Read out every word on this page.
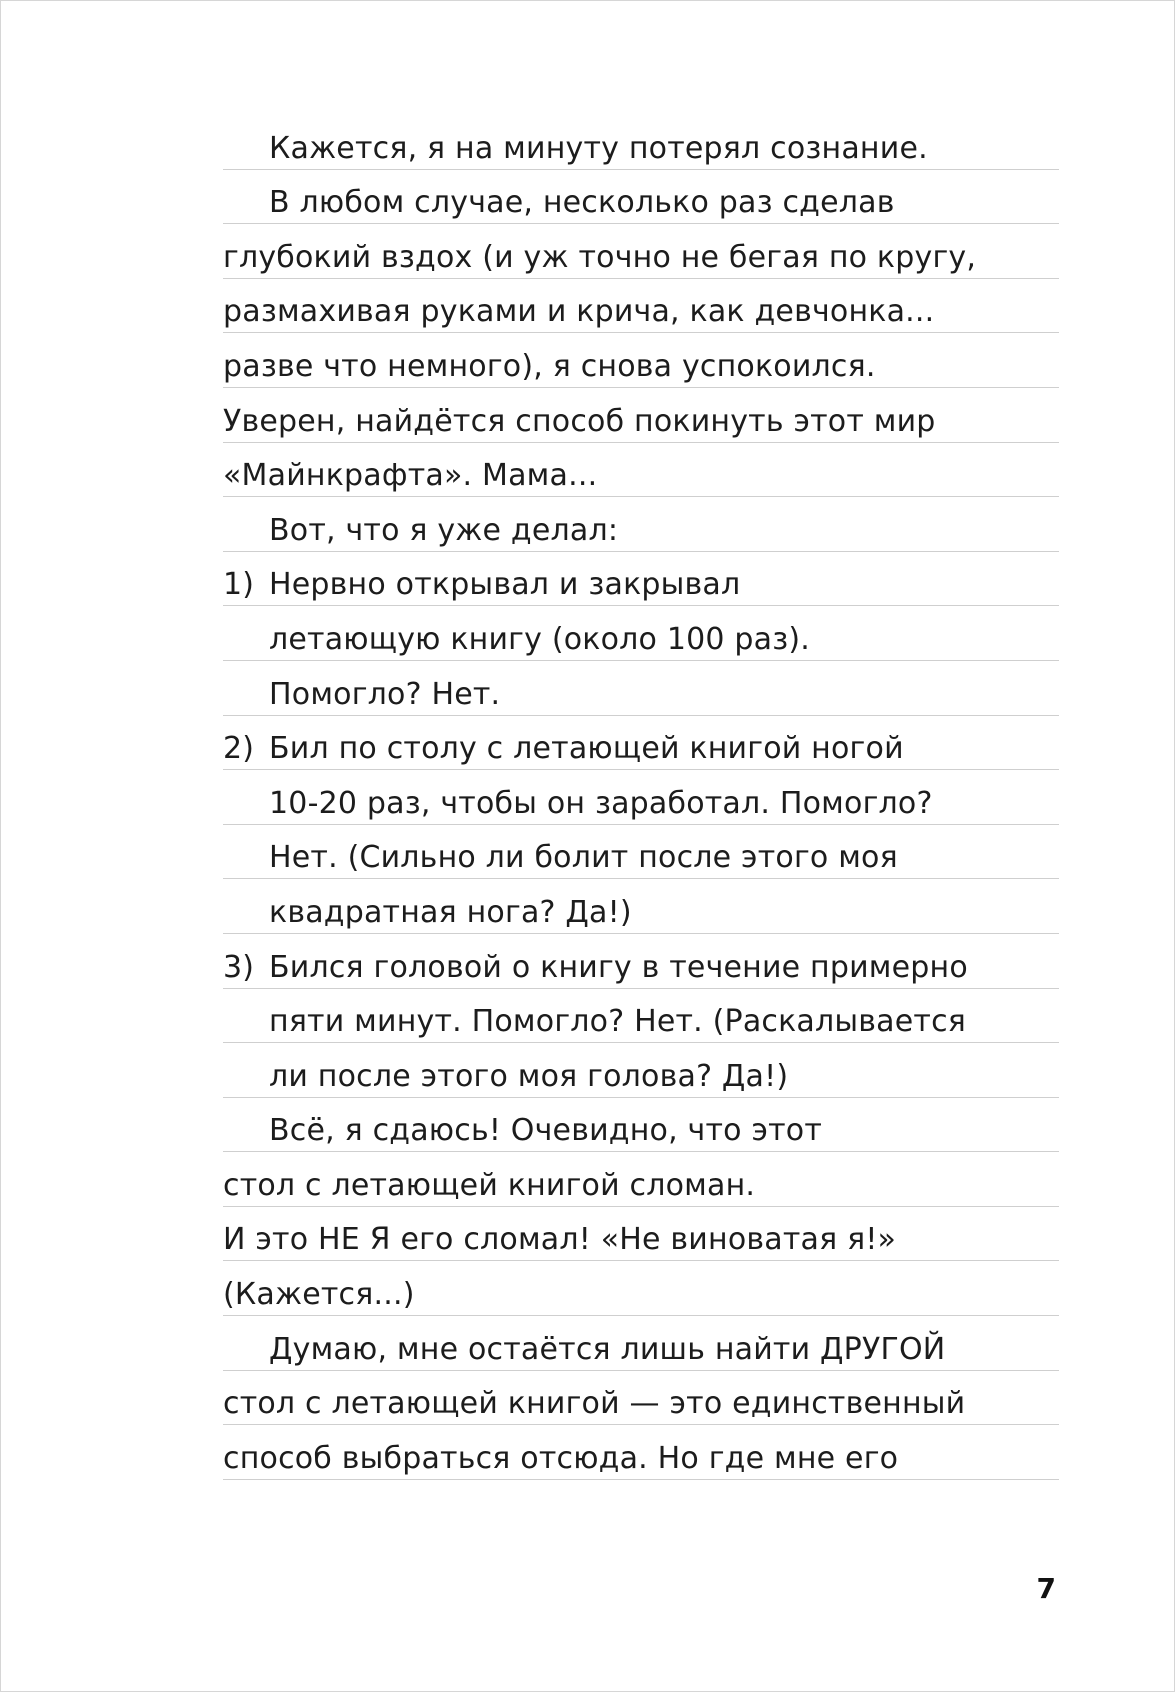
Кажется, я на минуту потерял сознание.
В любом случае, несколько раз сделав
глубокий вздох (и уж точно не бегая по кругу,
размахивая руками и крича, как девчонка...
разве что немного), я снова успокоился.
Уверен, найдётся способ покинуть этот мир
«Майнкрафта». Мама...
Вот, что я уже делал:
1) Нервно открывал и закрывал
летающую книгу (около 100 раз).
Помогло? Нет.
2) Бил по столу с летающей книгой ногой
10-20 раз, чтобы он заработал. Помогло?
Нет. (Сильно ли болит после этого моя
квадратная нога? Да!)
3) Бился головой о книгу в течение примерно
пяти минут. Помогло? Нет. (Раскалывается
ли после этого моя голова? Да!)
Всё, я сдаюсь! Очевидно, что этот
стол с летающей книгой сломан.
И это НЕ Я его сломал! «Не виноватая я!»
(Кажется...)
Думаю, мне остаётся лишь найти ДРУГОЙ
стол с летающей книгой — это единственный
способ выбраться отсюда. Но где мне его
7
